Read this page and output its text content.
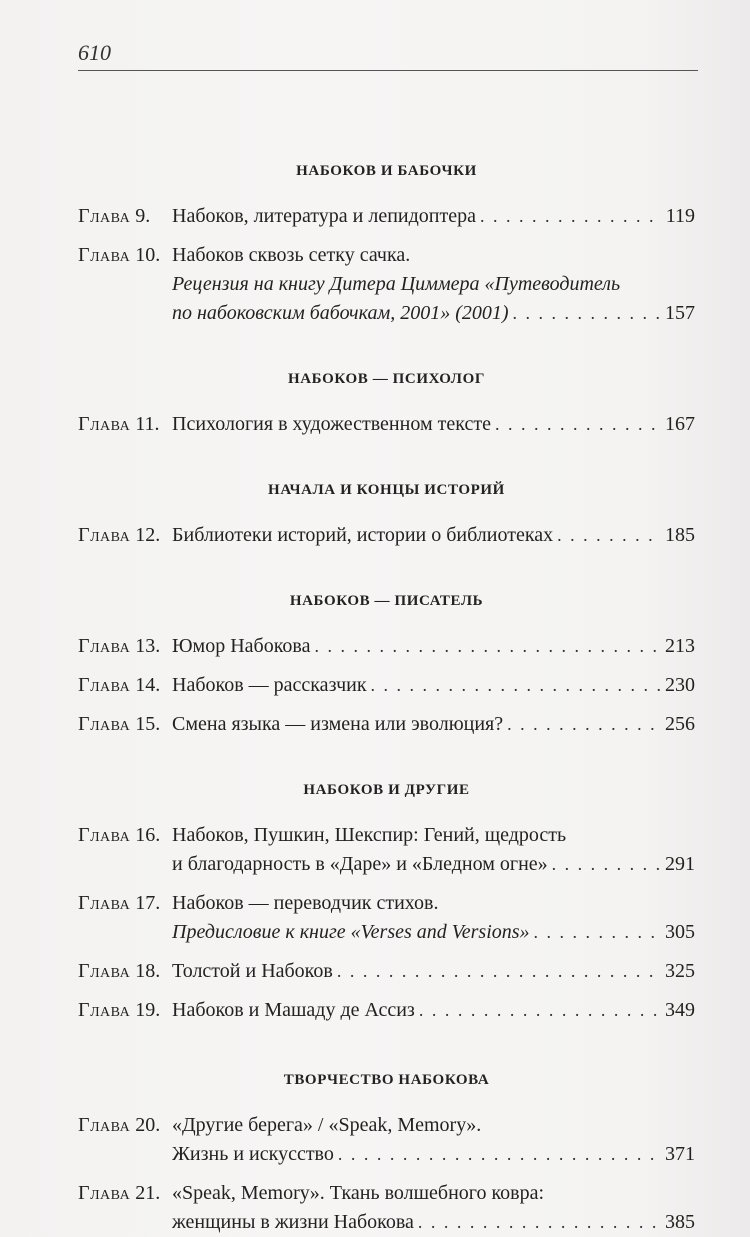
610
НАБОКОВ И БАБОЧКИ
Глава 9.	Набоков, литература и лепидоптера . . .	119
Глава 10. Набоков сквозь сетку сачка.
Рецензия на книгу Дитера Циммера «Путеводитель
по набоковским бабочкам, 2001» (2001) . . .	157
НАБОКОВ — ПСИХОЛОГ
Глава 11. Психология в художественном тексте . . .	167
НАЧАЛА И КОНЦЫ ИСТОРИЙ
Глава 12. Библиотеки историй, истории о библиотеках . . .	185
НАБОКОВ — ПИСАТЕЛЬ
Глава 13. Юмор Набокова . . .	213
Глава 14. Набоков — рассказчик . . .	230
Глава 15. Смена языка — измена или эволюция? . . .	256
НАБОКОВ И ДРУГИЕ
Глава 16. Набоков, Пушкин, Шекспир: Гений, щедрость
и благодарность в «Даре» и «Бледном огне» . . .	291
Глава 17. Набоков — переводчик стихов.
Предисловие к книге «Verses and Versions» . . .	305
Глава 18. Толстой и Набоков . . .	325
Глава 19. Набоков и Машаду де Ассиз . . .	349
ТВОРЧЕСТВО НАБОКОВА
Глава 20. «Другие берега» / «Speak, Memory».
Жизнь и искусство . . .	371
Глава 21. «Speak, Memory». Ткань волшебного ковра:
женщины в жизни Набокова . . .	385
